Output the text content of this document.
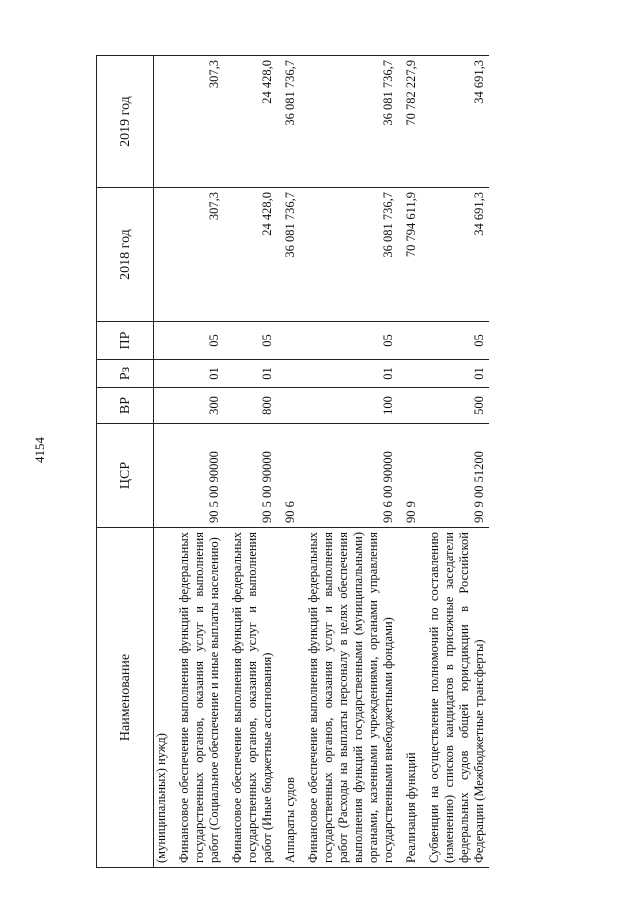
4154
Наименование	ЦСР	ВР	Рз	ПР	2018 год	2019 год
(муниципальных) нужд)						
Финансовое обеспечение выполнения функций федеральных государственных органов, оказания услуг и выполнения работ (Социальное обеспечение и иные выплаты населению)	90 5 00 90000	300	01	05	307,3	307,3
Финансовое обеспечение выполнения функций федеральных государственных органов, оказания услуг и выполнения работ (Иные бюджетные ассигнования)	90 5 00 90000	800	01	05	24 428,0	24 428,0
Аппараты судов	90 6				36 081 736,7	36 081 736,7
Финансовое обеспечение выполнения функций федеральных государственных органов, оказания услуг и выполнения работ (Расходы на выплаты персоналу в целях обеспечения выполнения функций государственными (муниципальными) органами, казенными учреждениями, органами управления государственными внебюджетными фондами)	90 6 00 90000	100	01	05	36 081 736,7	36 081 736,7
Реализация функций	90 9				70 794 611,9	70 782 227,9
Субвенции на осуществление полномочий по составлению (изменению) списков кандидатов в присяжные заседатели федеральных судов общей юрисдикции в Российской Федерации (Межбюджетные трансферты)	90 9 00 51200	500	01	05	34 691,3	34 691,3
